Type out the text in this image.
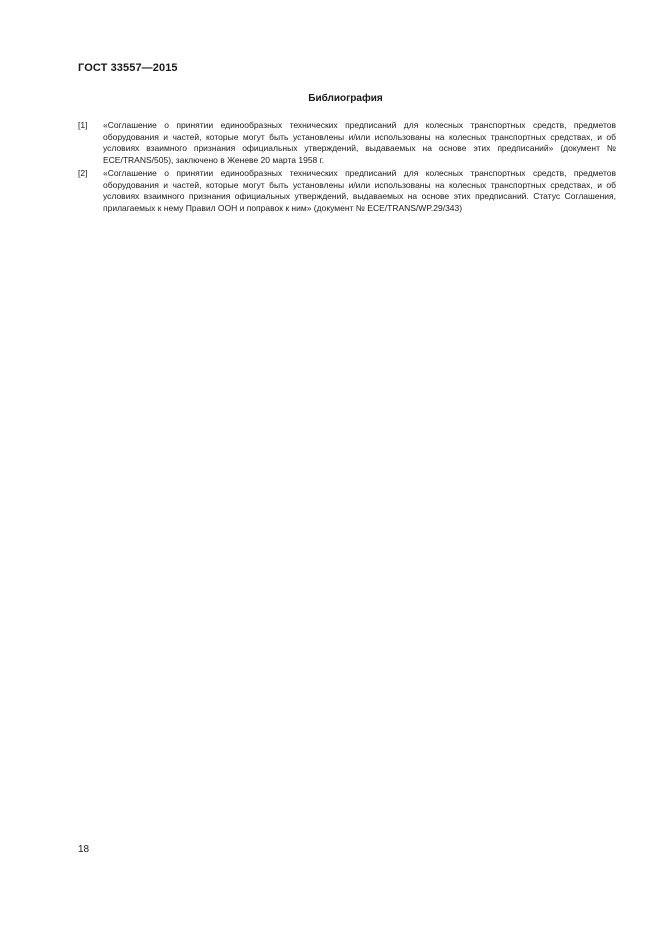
ГОСТ 33557—2015
Библиография
[1]	«Соглашение о принятии единообразных технических предписаний для колесных транспортных средств, предметов оборудования и частей, которые могут быть установлены и/или использованы на колесных транспортных средствах, и об условиях взаимного признания официальных утверждений, выдаваемых на основе этих предписаний» (документ № ECE/TRANS/505), заключено в Женеве 20 марта 1958 г.
[2]	«Соглашение о принятии единообразных технических предписаний для колесных транспортных средств, предметов оборудования и частей, которые могут быть установлены и/или использованы на колесных транспортных средствах, и об условиях взаимного признания официальных утверждений, выдаваемых на основе этих предписаний. Статус Соглашения, прилагаемых к нему Правил ООН и поправок к ним» (документ № ECE/TRANS/WP.29/343)
18
